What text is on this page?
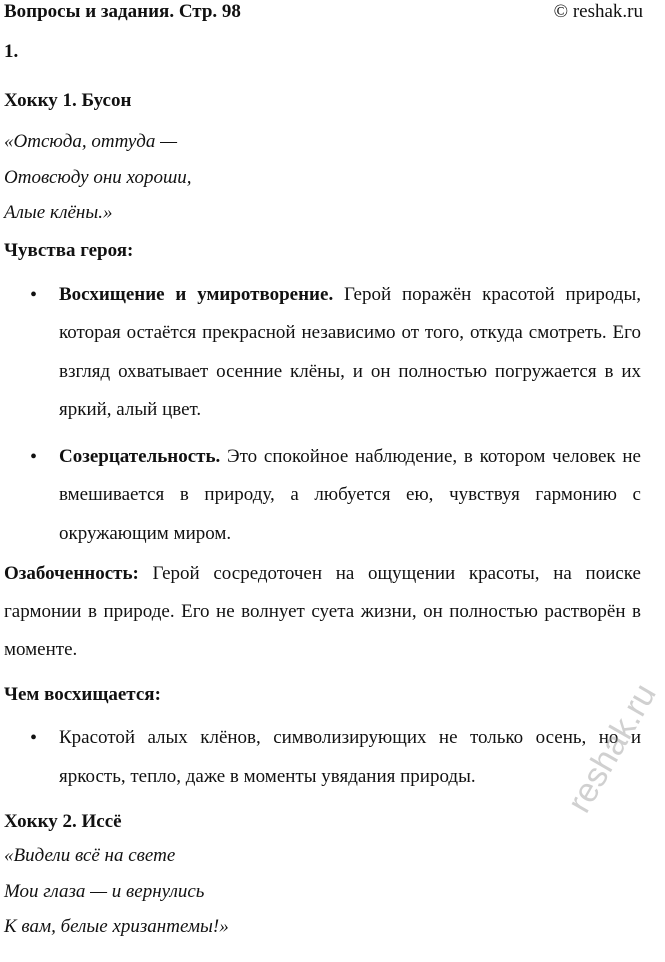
Вопросы и задания. Стр. 98	© reshak.ru
1.
Хокку 1. Бусон

«Отсюда, оттуда —

Отовсюду они хороши,

Алые клёны.»

Чувства героя:
• Восхищение и умиротворение. Герой поражён красотой природы, которая остаётся прекрасной независимо от того, откуда смотреть. Его взгляд охватывает осенние клёны, и он полностью погружается в их яркий, алый цвет.
• Созерцательность. Это спокойное наблюдение, в котором человек не вмешивается в природу, а любуется ею, чувствуя гармонию с окружающим миром.

Озабоченность: Герой сосредоточен на ощущении красоты, на поиске гармонии в природе. Его не волнует суета жизни, он полностью растворён в моменте.

Чем восхищается:
• Красотой алых клёнов, символизирующих не только осень, но и яркость, тепло, даже в моменты увядания природы.
Хокку 2. Иссё

«Видели всё на свете

Мои глаза — и вернулись

К вам, белые хризантемы!»

reshak.ru
